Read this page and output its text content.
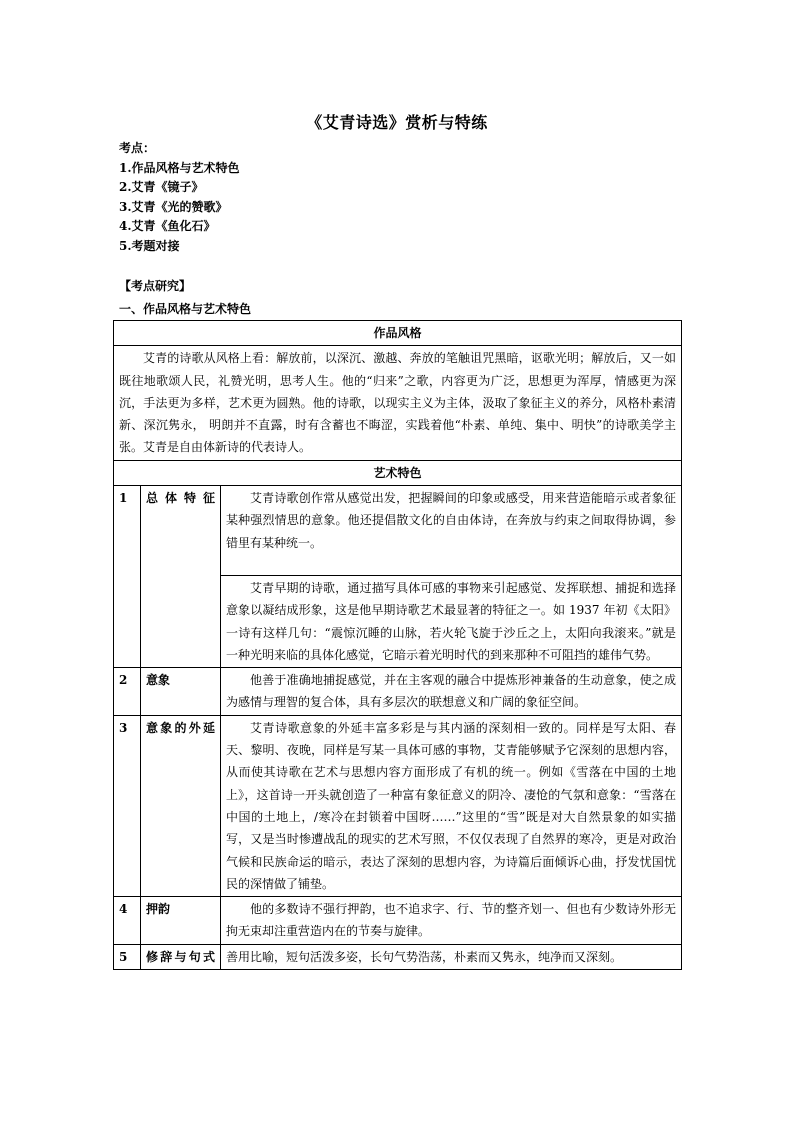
《艾青诗选》赏析与特练
考点：
1.作品风格与艺术特色
2.艾青《镜子》
3.艾青《光的赞歌》
4.艾青《鱼化石》
5.考题对接
【考点研究】
一、作品风格与艺术特色
作品风格		
艾青的诗歌从风格上看：解放前，以深沉、激越、奔放的笔触诅咒黑暗，讴歌光明；解放后，又一如既往地歌颂人民，礼赞光明，思考人生。他的“归来”之歌，内容更为广泛，思想更为浑厚，情感更为深沉，手法更为多样，艺术更为圆熟。他的诗歌，以现实主义为主体，汲取了象征主义的养分，风格朴素清新、深沉隽永， 明朗并不直露，时有含蓄也不晦涩，实践着他“朴素、单纯、集中、明快”的诗歌美学主张。艾青是自由体新诗的代表诗人。		
艺术特色		
1	总体特征	艾青诗歌创作常从感觉出发，把握瞬间的印象或感受，用来营造能暗示或者象征某种强烈情思的意象。他还提倡散文化的自由体诗，在奔放与约束之间取得协调，参错里有某种统一。
		艾青早期的诗歌，通过描写具体可感的事物来引起感觉、发挥联想、捕捉和选择意象以凝结成形象，这是他早期诗歌艺术最显著的特征之一。如 1937 年初《太阳》一诗有这样几句：“震惊沉睡的山脉，若火轮飞旋于沙丘之上，太阳向我滚来。”就是一种光明来临的具体化感觉，它暗示着光明时代的到来那种不可阻挡的雄伟气势。
2	意象	他善于准确地捕捉感觉，并在主客观的融合中提炼形神兼备的生动意象，使之成为感情与理智的复合体，具有多层次的联想意义和广阔的象征空间。
3	意象的外延	艾青诗歌意象的外延丰富多彩是与其内涵的深刻相一致的。同样是写太阳、春天、黎明、夜晚，同样是写某一具体可感的事物，艾青能够赋予它深刻的思想内容，从而使其诗歌在艺术与思想内容方面形成了有机的统一。例如《雪落在中国的土地上》，这首诗一开头就创造了一种富有象征意义的阴冷、凄怆的气氛和意象：“雪落在中国的土地上，/寒冷在封锁着中国呀……”这里的“雪”既是对大自然景象的如实描写，又是当时惨遭战乱的现实的艺术写照，不仅仅表现了自然界的寒冷，更是对政治气候和民族命运的暗示，表达了深刻的思想内容，为诗篇后面倾诉心曲，抒发忧国忧民的深情做了铺垫。
4	押韵	他的多数诗不强行押韵，也不追求字、行、节的整齐划一、但也有少数诗外形无拘无束却注重营造内在的节奏与旋律。
5	修辞与句式	善用比喻，短句活泼多姿，长句气势浩荡，朴素而又隽永，纯净而又深刻。
